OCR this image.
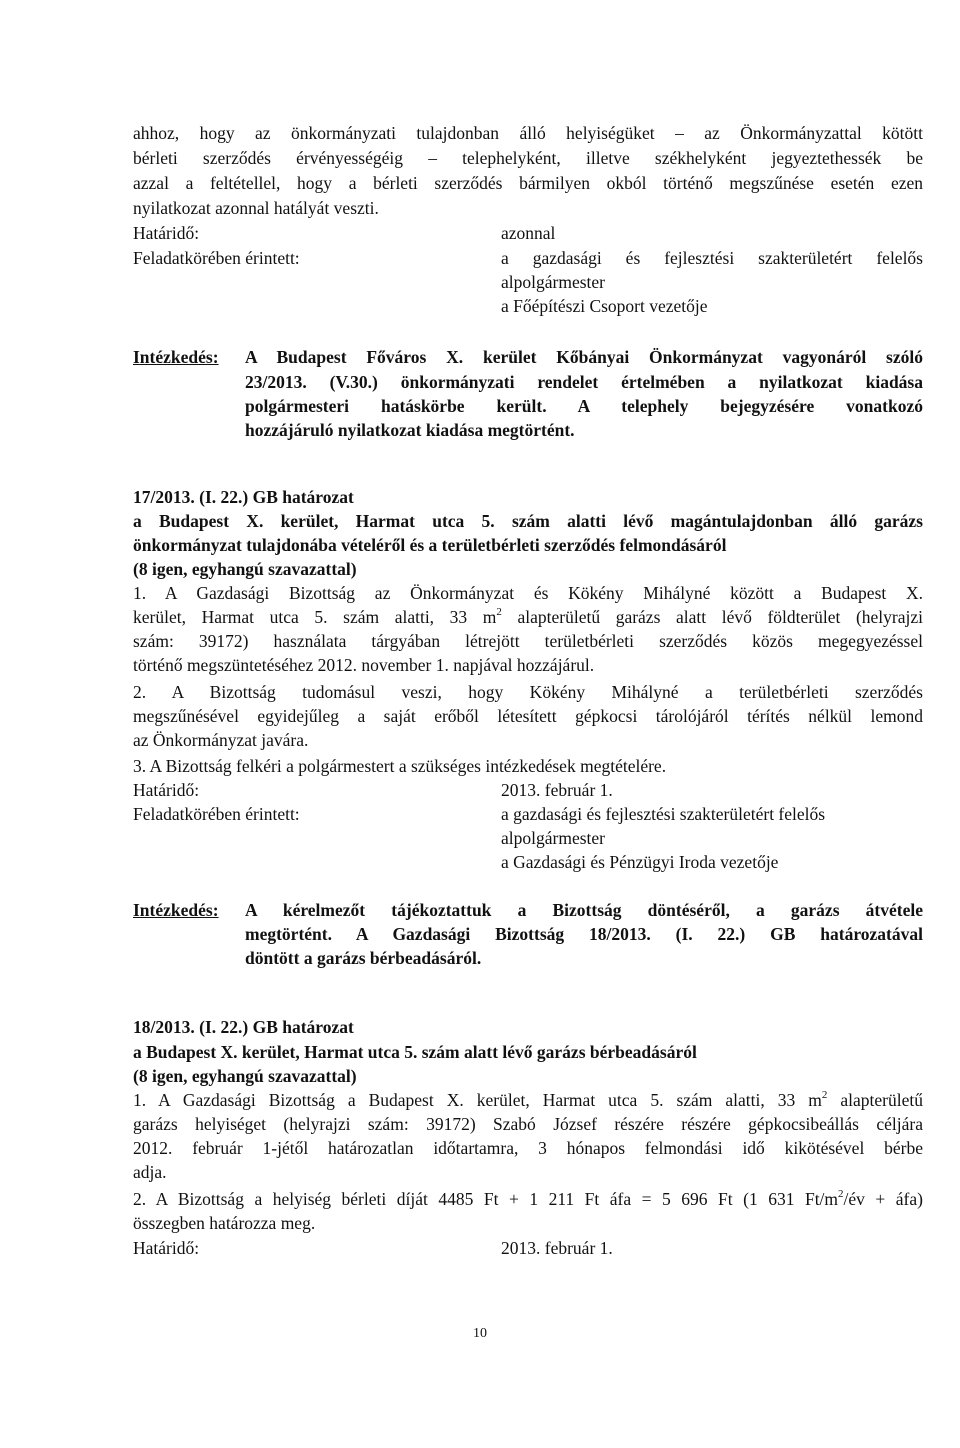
ahhoz, hogy az önkormányzati tulajdonban álló helyiségüket – az Önkormányzattal kötött
bérleti szerződés érvényességéig – telephelyként, illetve székhelyként jegyeztethessék be
azzal a feltétellel, hogy a bérleti szerződés bármilyen okból történő megszűnése esetén ezen
nyilatkozat azonnal hatályát veszti.
Határidő:	azonnal
Feladatkörében érintett:	a gazdasági és fejlesztési szakterületért felelős
alpolgármester
a Főépítészi Csoport vezetője
Intézkedés: A Budapest Főváros X. kerület Kőbányai Önkormányzat vagyonáról szóló
23/2013. (V.30.) önkormányzati rendelet értelmében a nyilatkozat kiadása
polgármesteri hatáskörbe került. A telephely bejegyzésére vonatkozó
hozzájáruló nyilatkozat kiadása megtörtént.
17/2013. (I. 22.) GB határozat
a Budapest X. kerület, Harmat utca 5. szám alatti lévő magántulajdonban álló garázs
önkormányzat tulajdonába vételéről és a területbérleti szerződés felmondásáról
(8 igen, egyhangú szavazattal)
1. A Gazdasági Bizottság az Önkormányzat és Kökény Mihályné között a Budapest X.
kerület, Harmat utca 5. szám alatti, 33 $m^2$ alapterületű garázs alatt lévő földterület (helyrajzi
szám: 39172) használata tárgyában létrejött területbérleti szerződés közös megegyezéssel
történő megszüntetéséhez 2012. november 1. napjával hozzájárul.
2. A Bizottság tudomásul veszi, hogy Kökény Mihályné a területbérleti szerződés
megszűnésével egyidejűleg a saját erőből létesített gépkocsi tárolójáról térítés nélkül lemond
az Önkormányzat javára.
3. A Bizottság felkéri a polgármestert a szükséges intézkedések megtételére.
Határidő:	2013. február 1.
Feladatkörében érintett:	a gazdasági és fejlesztési szakterületért felelős
alpolgármester
a Gazdasági és Pénzügyi Iroda vezetője
Intézkedés: A kérelmezőt tájékoztattuk a Bizottság döntéséről, a garázs átvétele
megtörtént. A Gazdasági Bizottság 18/2013. (I. 22.) GB határozatával
döntött a garázs bérbeadásáról.
18/2013. (I. 22.) GB határozat
a Budapest X. kerület, Harmat utca 5. szám alatt lévő garázs bérbeadásáról
(8 igen, egyhangú szavazattal)
1. A Gazdasági Bizottság a Budapest X. kerület, Harmat utca 5. szám alatti, 33 $m^2$ alapterületű
garázs helyiséget (helyrajzi szám: 39172) Szabó József részére részére gépkocsibeállás céljára
2012. február 1-jétől határozatlan időtartamra, 3 hónapos felmondási idő kikötésével bérbe
adja.
2. A Bizottság a helyiség bérleti díját 4485 Ft + 1 211 Ft áfa = 5 696 Ft (1 631 $Ft/m^2/év$ + áfa)
összegben határozza meg.
Határidő:	2013. február 1.
10
